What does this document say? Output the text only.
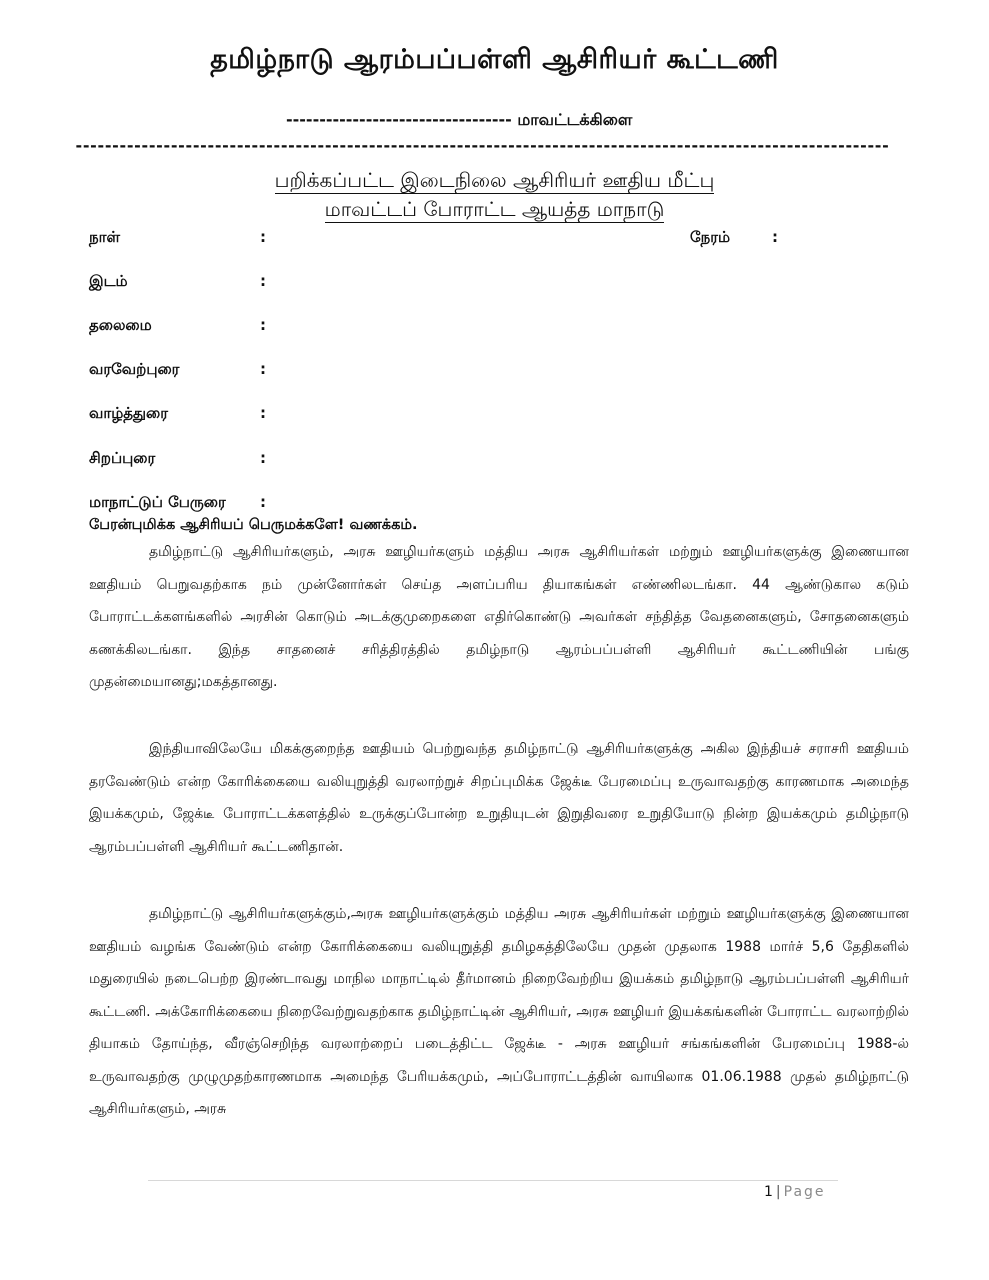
தமிழ்நாடு ஆரம்பப்பள்ளி ஆசிரியர் கூட்டணி
---------------------------------- மாவட்டக்கிளை
---------------------------------------------------------------------------------------------------------------
பறிக்கப்பட்ட இடைநிலை ஆசிரியர் ஊதிய மீட்பு
மாவட்டப் போராட்ட ஆயத்த மாநாடு
நாள்	:	நேரம்	:
இடம்	:
தலைமை	:
வரவேற்புரை	:
வாழ்த்துரை	:
சிறப்புரை	:
மாநாட்டுப் பேருரை :
பேரன்புமிக்க ஆசிரியப் பெருமக்களே! வணக்கம்.

தமிழ்நாட்டு ஆசிரியர்களும், அரசு ஊழியர்களும் மத்திய அரசு ஆசிரியர்கள் மற்றும் ஊழியர்களுக்கு இணையான ஊதியம் பெறுவதற்காக நம் முன்னோர்கள் செய்த அளப்பரிய தியாகங்கள் எண்ணிலடங்கா. 44 ஆண்டுகால கடும் போராட்டக்களங்களில் அரசின் கொடும் அடக்குமுறைகளை எதிர்கொண்டு அவர்கள் சந்தித்த வேதனைகளும், சோதனைகளும் கணக்கிலடங்கா. இந்த சாதனைச் சரித்திரத்தில் தமிழ்நாடு ஆரம்பப்பள்ளி ஆசிரியர் கூட்டணியின் பங்கு முதன்மையானது;மகத்தானது.

இந்தியாவிலேயே மிகக்குறைந்த ஊதியம் பெற்றுவந்த தமிழ்நாட்டு ஆசிரியர்களுக்கு அகில இந்தியச் சராசரி ஊதியம் தரவேண்டும் என்ற கோரிக்கையை வலியுறுத்தி வரலாற்றுச் சிறப்புமிக்க ஜேக்டீ பேரமைப்பு உருவாவதற்கு காரணமாக அமைந்த இயக்கமும், ஜேக்டீ போராட்டக்களத்தில் உருக்குப்போன்ற உறுதியுடன் இறுதிவரை உறுதியோடு நின்ற இயக்கமும் தமிழ்நாடு ஆரம்பப்பள்ளி ஆசிரியர் கூட்டணிதான்.

தமிழ்நாட்டு ஆசிரியர்களுக்கும்,அரசு ஊழியர்களுக்கும் மத்திய அரசு ஆசிரியர்கள் மற்றும் ஊழியர்களுக்கு இணையான ஊதியம் வழங்க வேண்டும் என்ற கோரிக்கையை வலியுறுத்தி தமிழகத்திலேயே முதன் முதலாக 1988 மார்ச் 5,6 தேதிகளில் மதுரையில் நடைபெற்ற இரண்டாவது மாநில மாநாட்டில் தீர்மானம் நிறைவேற்றிய இயக்கம் தமிழ்நாடு ஆரம்பப்பள்ளி ஆசிரியர் கூட்டணி. அக்கோரிக்கையை நிறைவேற்றுவதற்காக தமிழ்நாட்டின் ஆசிரியர், அரசு ஊழியர் இயக்கங்களின் போராட்ட வரலாற்றில் தியாகம் தோய்ந்த, வீரஞ்செறிந்த வரலாற்றைப் படைத்திட்ட ஜேக்டீ - அரசு ஊழியர் சங்கங்களின் பேரமைப்பு 1988-ல் உருவாவதற்கு முழுமுதற்காரணமாக அமைந்த பேரியக்கமும், அப்போராட்டத்தின் வாயிலாக 01.06.1988 முதல் தமிழ்நாட்டு ஆசிரியர்களும், அரசு

1 | Page
